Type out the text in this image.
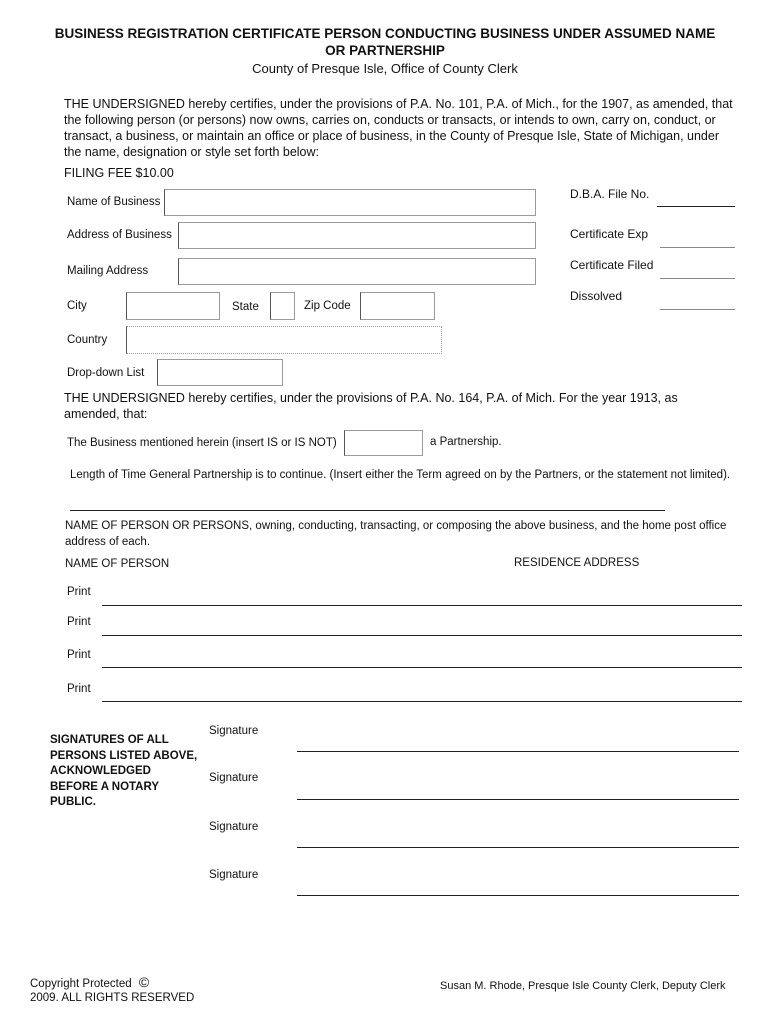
BUSINESS REGISTRATION CERTIFICATE PERSON CONDUCTING BUSINESS UNDER ASSUMED NAME
OR PARTNERSHIP
County of Presque Isle, Office of County Clerk
THE UNDERSIGNED hereby certifies, under the provisions of P.A. No. 101, P.A. of Mich., for the 1907, as amended, that
the following person (or persons) now owns, carries on, conducts or transacts, or intends to own, carry on, conduct, or
transact, a business, or maintain an office or place of business, in the County of Presque Isle, State of Michigan, under
the name, designation or style set forth below:
FILING FEE $10.00
Name of Business
Address of Business
Mailing Address
City	State	Zip Code
Country
Drop-down List
D.B.A. File No.
Certificate Exp
Certificate Filed
Dissolved
THE UNDERSIGNED hereby certifies, under the provisions of P.A. No. 164, P.A. of Mich. For the year 1913, as
amended, that:
The Business mentioned herein (insert IS or IS NOT)	a Partnership.
Length of Time General Partnership is to continue. (Insert either the Term agreed on by the Partners, or the statement not limited).
NAME OF PERSON OR PERSONS, owning, conducting, transacting, or composing the above business, and the home post office
address of each.
NAME OF PERSON	RESIDENCE ADDRESS
Print
Print
Print
Print
SIGNATURES OF ALL
PERSONS LISTED ABOVE,
ACKNOWLEDGED
BEFORE A NOTARY
PUBLIC.
Signature
Signature
Signature
Signature
Copyright Protected ©
2009. ALL RIGHTS RESERVED
Susan M. Rhode, Presque Isle County Clerk, Deputy Clerk
